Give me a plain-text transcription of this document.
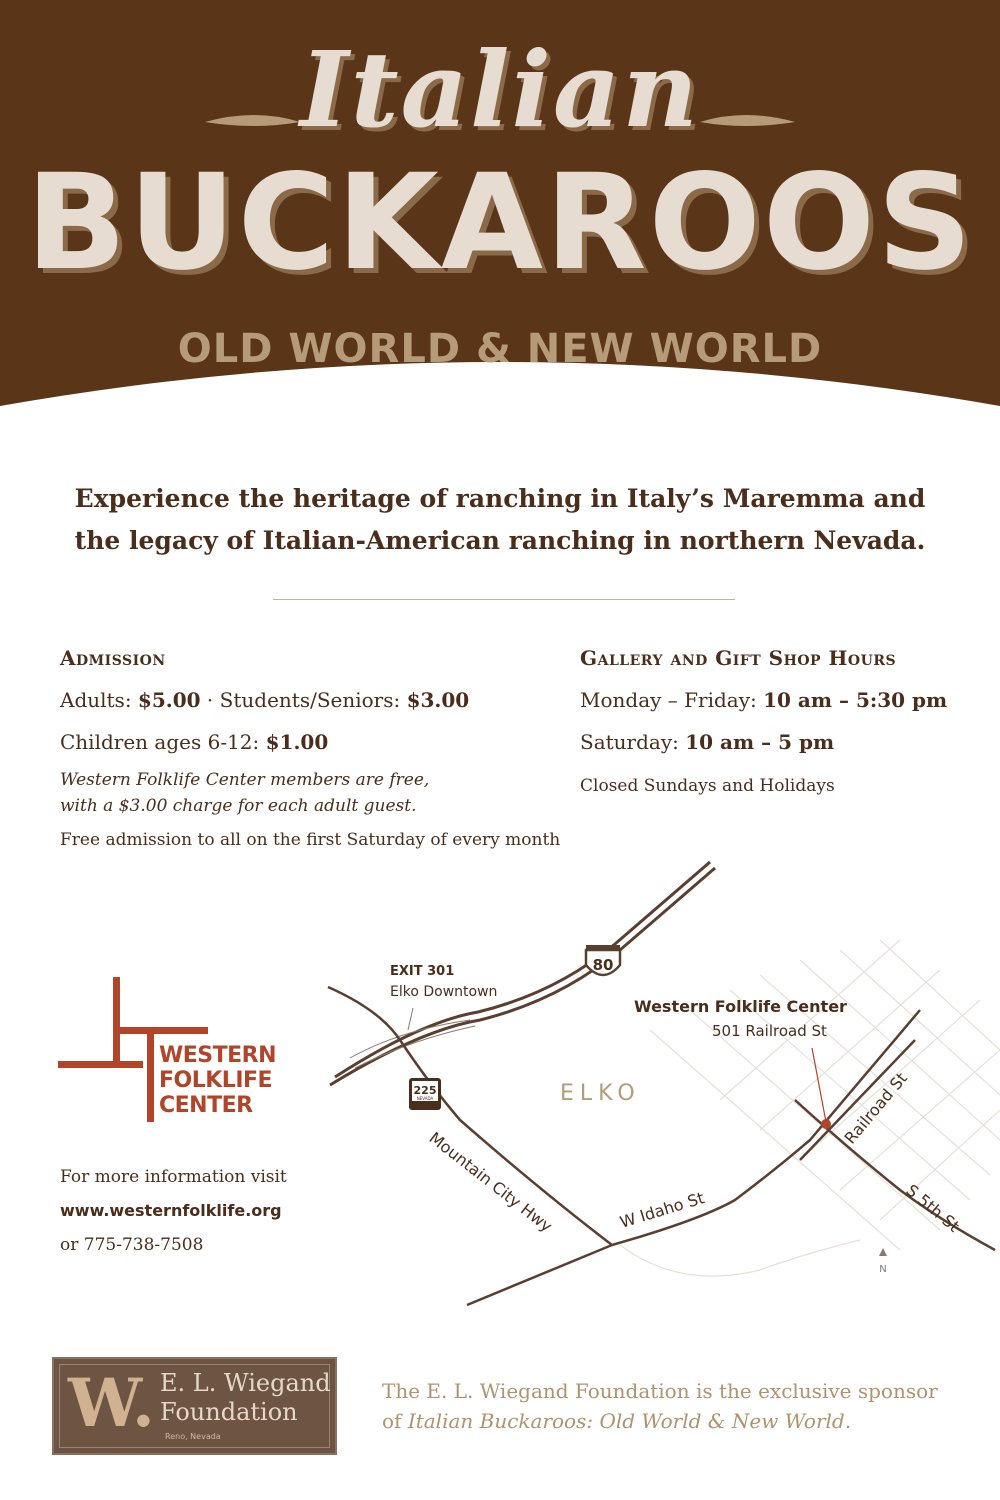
Italian
BUCKAROOS
OLD WORLD & NEW WORLD
Experience the heritage of ranching in Italy’s Maremma and
the legacy of Italian-American ranching in northern Nevada.
Admission
Adults: $5.00 · Students/Seniors: $3.00
Children ages 6-12: $1.00
Western Folklife Center members are free,
with a $3.00 charge for each adult guest.
Free admission to all on the first Saturday of every month
Gallery and Gift Shop Hours
Monday – Friday: 10 am – 5:30 pm
Saturday: 10 am – 5 pm
Closed Sundays and Holidays
WESTERN
FOLKLIFE
CENTER
For more information visit
www.westernfolklife.org
or 775-738-7508
80
225
NEVADA
EXIT 301
Elko Downtown
ELKO
Western Folklife Center
501 Railroad St
Mountain City Hwy	W Idaho St
Railroad St
S 5th St
N
W. E. L. Wiegand
Foundation
Reno, Nevada
The E. L. Wiegand Foundation is the exclusive sponsor
of Italian Buckaroos: Old World & New World.
